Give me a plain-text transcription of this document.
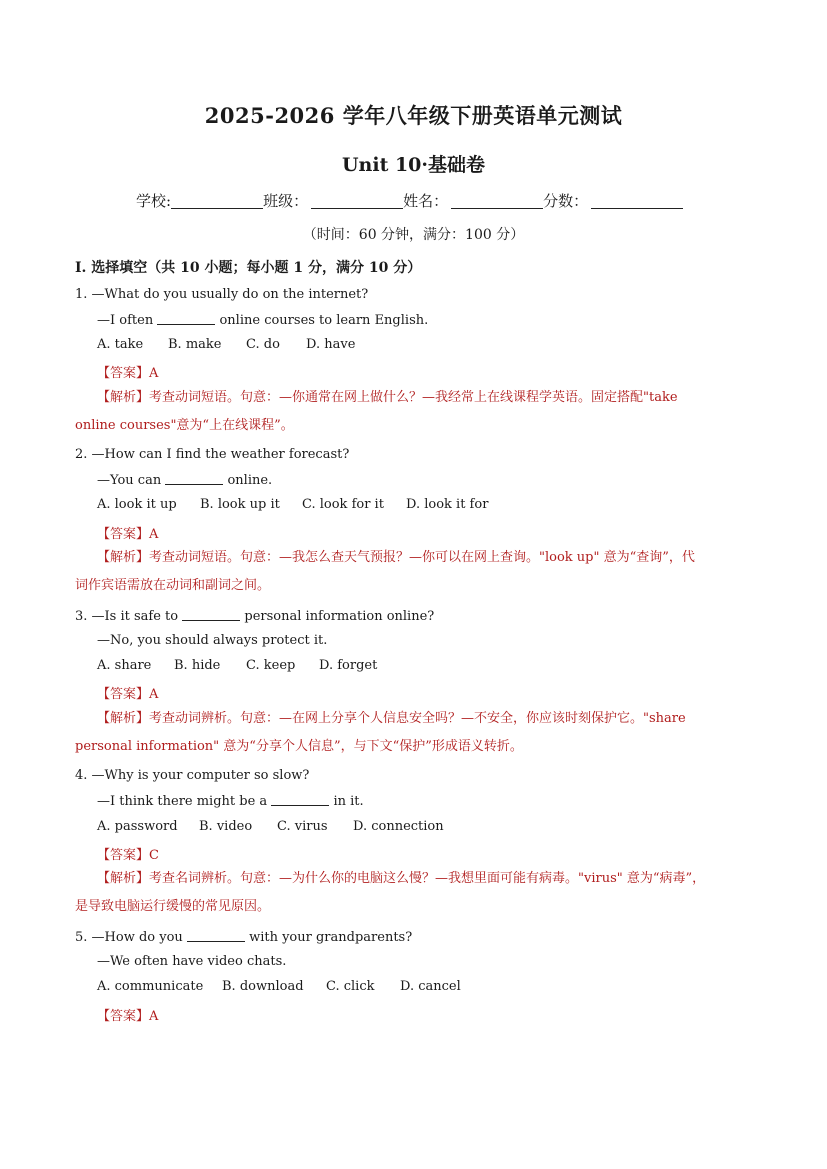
2025-2026 学年八年级下册英语单元测试
Unit 10·基础卷
学校:	班级：	姓名：	分数：
（时间：60 分钟，满分：100 分）
I. 选择填空（共 10 小题；每小题 1 分，满分 10 分）
1. —What do you usually do on the internet?
—I often	online courses to learn English.
A. take B. make C. do D. have
【答案】A
【解析】考查动词短语。句意：—你通常在网上做什么？—我经常上在线课程学英语。固定搭配"take
online courses"意为“上在线课程”。
2. —How can I find the weather forecast?
—You can	online.
A. look it up B. look up it C. look for it D. look it for
【答案】A
【解析】考查动词短语。句意：—我怎么查天气预报？—你可以在网上查询。"look up" 意为“查询”，代
词作宾语需放在动词和副词之间。
3. —Is it safe to	personal information online?
—No, you should always protect it.
A. share B. hide C. keep D. forget
【答案】A
【解析】考查动词辨析。句意：—在网上分享个人信息安全吗？—不安全，你应该时刻保护它。"share
personal information" 意为“分享个人信息”，与下文“保护”形成语义转折。
4. —Why is your computer so slow?
—I think there might be a	in it.
A. password B. video C. virus D. connection
【答案】C
【解析】考查名词辨析。句意：—为什么你的电脑这么慢？—我想里面可能有病毒。"virus" 意为“病毒”，
是导致电脑运行缓慢的常见原因。
5. —How do you	with your grandparents?
—We often have video chats.
A. communicate B. download C. click D. cancel
【答案】A
